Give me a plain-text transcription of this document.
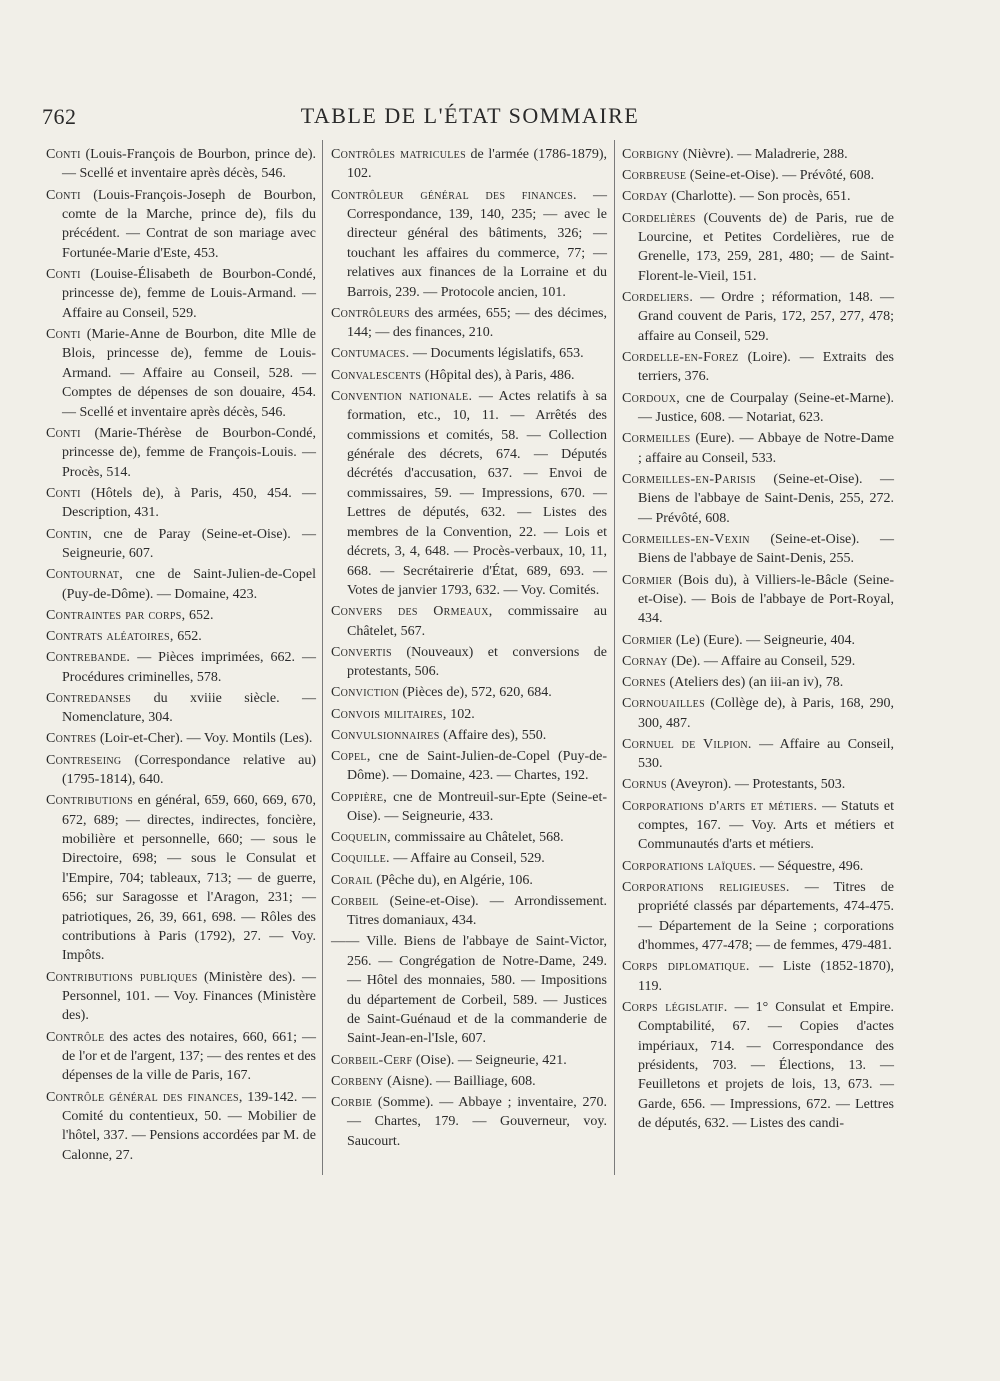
762	TABLE DE L'ÉTAT SOMMAIRE

Conti (Louis-François de Bourbon, prince de). — Scellé et inventaire après décès, 546.

Conti (Louis-François-Joseph de Bourbon, comte de la Marche, prince de), fils du précédent. — Contrat de son mariage avec Fortunée-Marie d'Este, 453.

Conti (Louise-Élisabeth de Bourbon-Condé, princesse de), femme de Louis-Armand. — Affaire au Conseil, 529.

Conti (Marie-Anne de Bourbon, dite Mlle de Blois, princesse de), femme de Louis-Armand. — Affaire au Conseil, 528. — Comptes de dépenses de son douaire, 454. — Scellé et inventaire après décès, 546.

Conti (Marie-Thérèse de Bourbon-Condé, princesse de), femme de François-Louis. — Procès, 514.

Conti (Hôtels de), à Paris, 450, 454. — Description, 431.

Contin, cne de Paray (Seine-et-Oise). — Seigneurie, 607.

Contournat, cne de Saint-Julien-de-Copel (Puy-de-Dôme). — Domaine, 423.

Contraintes par corps, 652.

Contrats aléatoires, 652.

Contrebande. — Pièces imprimées, 662. — Procédures criminelles, 578.

Contredanses du xviiie siècle. — Nomenclature, 304.

Contres (Loir-et-Cher). — Voy. Montils (Les).

Contreseing (Correspondance relative au) (1795-1814), 640.

Contributions en général, 659, 660, 669, 670, 672, 689; — directes, indirectes, foncière, mobilière et personnelle, 660; — sous le Directoire, 698; — sous le Consulat et l'Empire, 704; tableaux, 713; — de guerre, 656; sur Saragosse et l'Aragon, 231; — patriotiques, 26, 39, 661, 698. — Rôles des contributions à Paris (1792), 27. — Voy. Impôts.

Contributions publiques (Ministère des). — Personnel, 101. — Voy. Finances (Ministère des).

Contrôle des actes des notaires, 660, 661; — de l'or et de l'argent, 137; — des rentes et des dépenses de la ville de Paris, 167.

Contrôle général des finances, 139-142. — Comité du contentieux, 50. — Mobilier de l'hôtel, 337. — Pensions accordées par M. de Calonne, 27.

Contrôles matricules de l'armée (1786-1879), 102.

Contrôleur général des finances. — Correspondance, 139, 140, 235; — avec le directeur général des bâtiments, 326; — touchant les affaires du commerce, 77; — relatives aux finances de la Lorraine et du Barrois, 239. — Protocole ancien, 101.

Contrôleurs des armées, 655; — des décimes, 144; — des finances, 210.

Contumaces. — Documents législatifs, 653.

Convalescents (Hôpital des), à Paris, 486.

Convention nationale. — Actes relatifs à sa formation, etc., 10, 11. — Arrêtés des commissions et comités, 58. — Collection générale des décrets, 674. — Députés décrétés d'accusation, 637. — Envoi de commissaires, 59. — Impressions, 670. — Lettres de députés, 632. — Listes des membres de la Convention, 22. — Lois et décrets, 3, 4, 648. — Procès-verbaux, 10, 11, 668. — Secrétairerie d'État, 689, 693. — Votes de janvier 1793, 632. — Voy. Comités.

Convers des Ormeaux, commissaire au Châtelet, 567.

Convertis (Nouveaux) et conversions de protestants, 506.

Conviction (Pièces de), 572, 620, 684.

Convois militaires, 102.

Convulsionnaires (Affaire des), 550.

Copel, cne de Saint-Julien-de-Copel (Puy-de-Dôme). — Domaine, 423. — Chartes, 192.

Coppière, cne de Montreuil-sur-Epte (Seine-et-Oise). — Seigneurie, 433.

Coquelin, commissaire au Châtelet, 568.

Coquille. — Affaire au Conseil, 529.

Corail (Pêche du), en Algérie, 106.

Corbeil (Seine-et-Oise). — Arrondissement. Titres domaniaux, 434.

—— Ville. Biens de l'abbaye de Saint-Victor, 256. — Congrégation de Notre-Dame, 249. — Hôtel des monnaies, 580. — Impositions du département de Corbeil, 589. — Justices de Saint-Guénaud et de la commanderie de Saint-Jean-en-l'Isle, 607.

Corbeil-Cerf (Oise). — Seigneurie, 421.

Corbeny (Aisne). — Bailliage, 608.

Corbie (Somme). — Abbaye ; inventaire, 270. — Chartes, 179. — Gouverneur, voy. Saucourt.

Corbigny (Nièvre). — Maladrerie, 288.

Corbreuse (Seine-et-Oise). — Prévôté, 608.

Corday (Charlotte). — Son procès, 651.

Cordelières (Couvents de) de Paris, rue de Lourcine, et Petites Cordelières, rue de Grenelle, 173, 259, 281, 480; — de Saint-Florent-le-Vieil, 151.

Cordeliers. — Ordre ; réformation, 148. — Grand couvent de Paris, 172, 257, 277, 478; affaire au Conseil, 529.

Cordelle-en-Forez (Loire). — Extraits des terriers, 376.

Cordoux, cne de Courpalay (Seine-et-Marne). — Justice, 608. — Notariat, 623.

Cormeilles (Eure). — Abbaye de Notre-Dame ; affaire au Conseil, 533.

Cormeilles-en-Parisis (Seine-et-Oise). — Biens de l'abbaye de Saint-Denis, 255, 272. — Prévôté, 608.

Cormeilles-en-Vexin (Seine-et-Oise). — Biens de l'abbaye de Saint-Denis, 255.

Cormier (Bois du), à Villiers-le-Bâcle (Seine-et-Oise). — Bois de l'abbaye de Port-Royal, 434.

Cormier (Le) (Eure). — Seigneurie, 404.

Cornay (De). — Affaire au Conseil, 529.

Cornes (Ateliers des) (an iii-an iv), 78.

Cornouailles (Collège de), à Paris, 168, 290, 300, 487.

Cornuel de Vilpion. — Affaire au Conseil, 530.

Cornus (Aveyron). — Protestants, 503.

Corporations d'arts et métiers. — Statuts et comptes, 167. — Voy. Arts et métiers et Communautés d'arts et métiers.

Corporations laïques. — Séquestre, 496.

Corporations religieuses. — Titres de propriété classés par départements, 474-475. — Département de la Seine ; corporations d'hommes, 477-478; — de femmes, 479-481.

Corps diplomatique. — Liste (1852-1870), 119.

Corps législatif. — 1° Consulat et Empire. Comptabilité, 67. — Copies d'actes impériaux, 714. — Correspondance des présidents, 703. — Élections, 13. — Feuilletons et projets de lois, 13, 673. — Garde, 656. — Impressions, 672. — Lettres de députés, 632. — Listes des candi-
